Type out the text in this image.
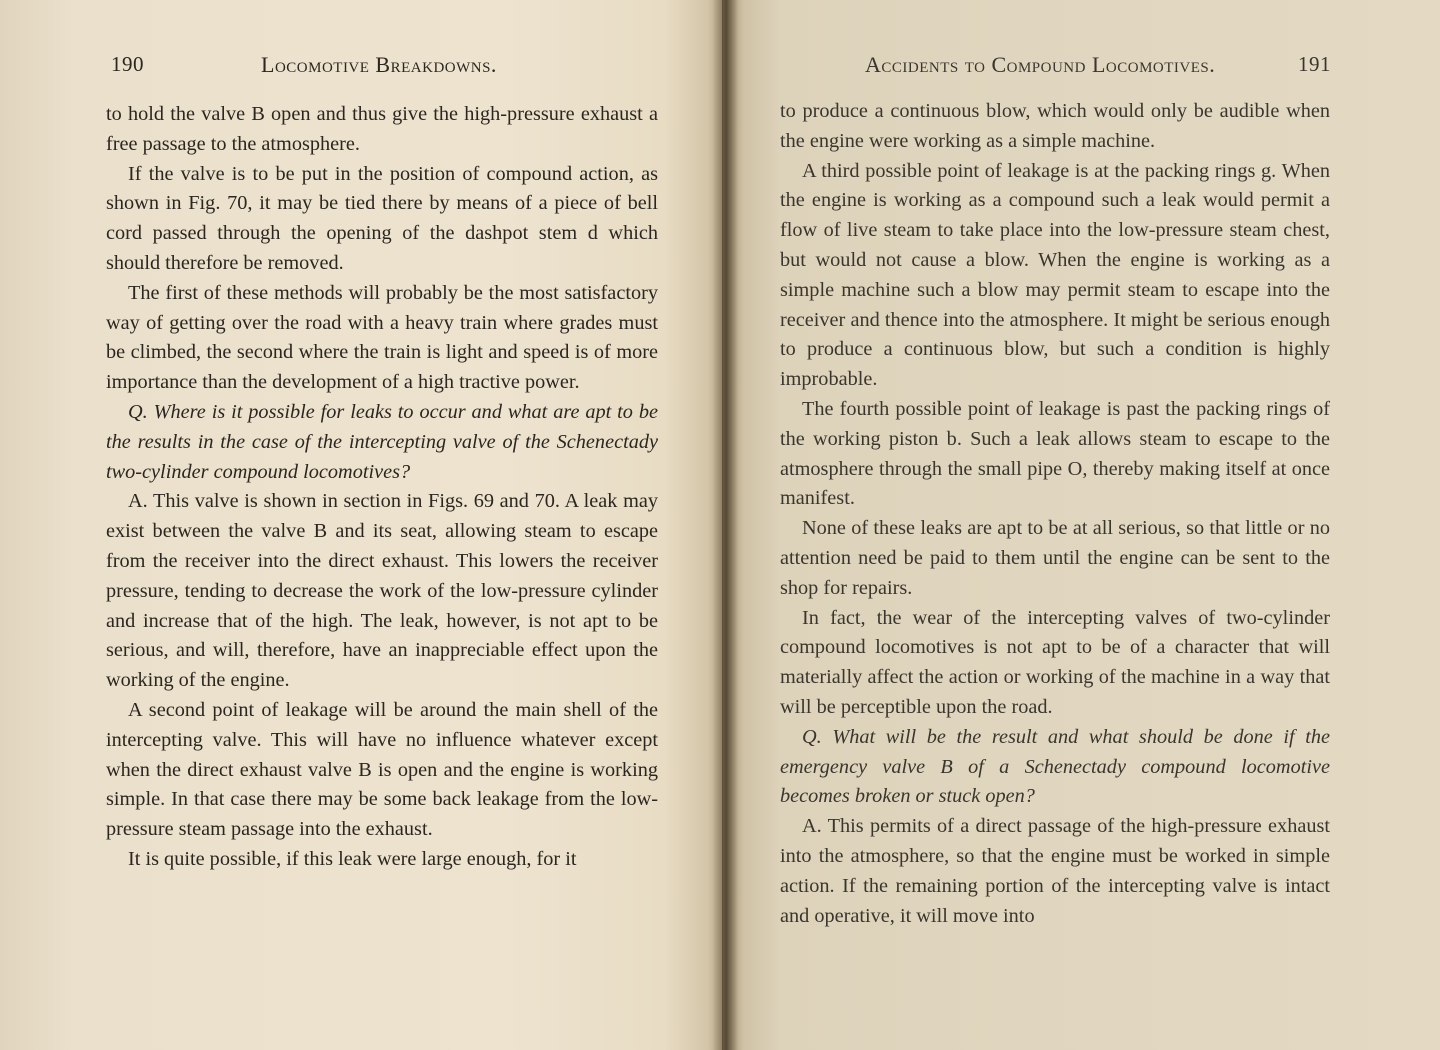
190	Locomotive Breakdowns.

to hold the valve B open and thus give the high-pressure exhaust a free passage to the atmosphere.

If the valve is to be put in the position of compound action, as shown in Fig. 70, it may be tied there by means of a piece of bell cord passed through the opening of the dashpot stem d which should therefore be removed.

The first of these methods will probably be the most satisfactory way of getting over the road with a heavy train where grades must be climbed, the second where the train is light and speed is of more importance than the development of a high tractive power.

Q. Where is it possible for leaks to occur and what are apt to be the results in the case of the intercepting valve of the Schenectady two-cylinder compound locomotives?

A. This valve is shown in section in Figs. 69 and 70. A leak may exist between the valve B and its seat, allowing steam to escape from the receiver into the direct exhaust. This lowers the receiver pressure, tending to decrease the work of the low-pressure cylinder and increase that of the high. The leak, however, is not apt to be serious, and will, therefore, have an inappreciable effect upon the working of the engine.

A second point of leakage will be around the main shell of the intercepting valve. This will have no influence whatever except when the direct exhaust valve B is open and the engine is working simple. In that case there may be some back leakage from the low-pressure steam passage into the exhaust.

It is quite possible, if this leak were large enough, for it

Accidents to Compound Locomotives.	191

to produce a continuous blow, which would only be audible when the engine were working as a simple machine.

A third possible point of leakage is at the packing rings g. When the engine is working as a compound such a leak would permit a flow of live steam to take place into the low-pressure steam chest, but would not cause a blow. When the engine is working as a simple machine such a blow may permit steam to escape into the receiver and thence into the atmosphere. It might be serious enough to produce a continuous blow, but such a condition is highly improbable.

The fourth possible point of leakage is past the packing rings of the working piston b. Such a leak allows steam to escape to the atmosphere through the small pipe O, thereby making itself at once manifest.

None of these leaks are apt to be at all serious, so that little or no attention need be paid to them until the engine can be sent to the shop for repairs.

In fact, the wear of the intercepting valves of two-cylinder compound locomotives is not apt to be of a character that will materially affect the action or working of the machine in a way that will be perceptible upon the road.

Q. What will be the result and what should be done if the emergency valve B of a Schenectady compound locomotive becomes broken or stuck open?

A. This permits of a direct passage of the high-pressure exhaust into the atmosphere, so that the engine must be worked in simple action. If the remaining portion of the intercepting valve is intact and operative, it will move into
